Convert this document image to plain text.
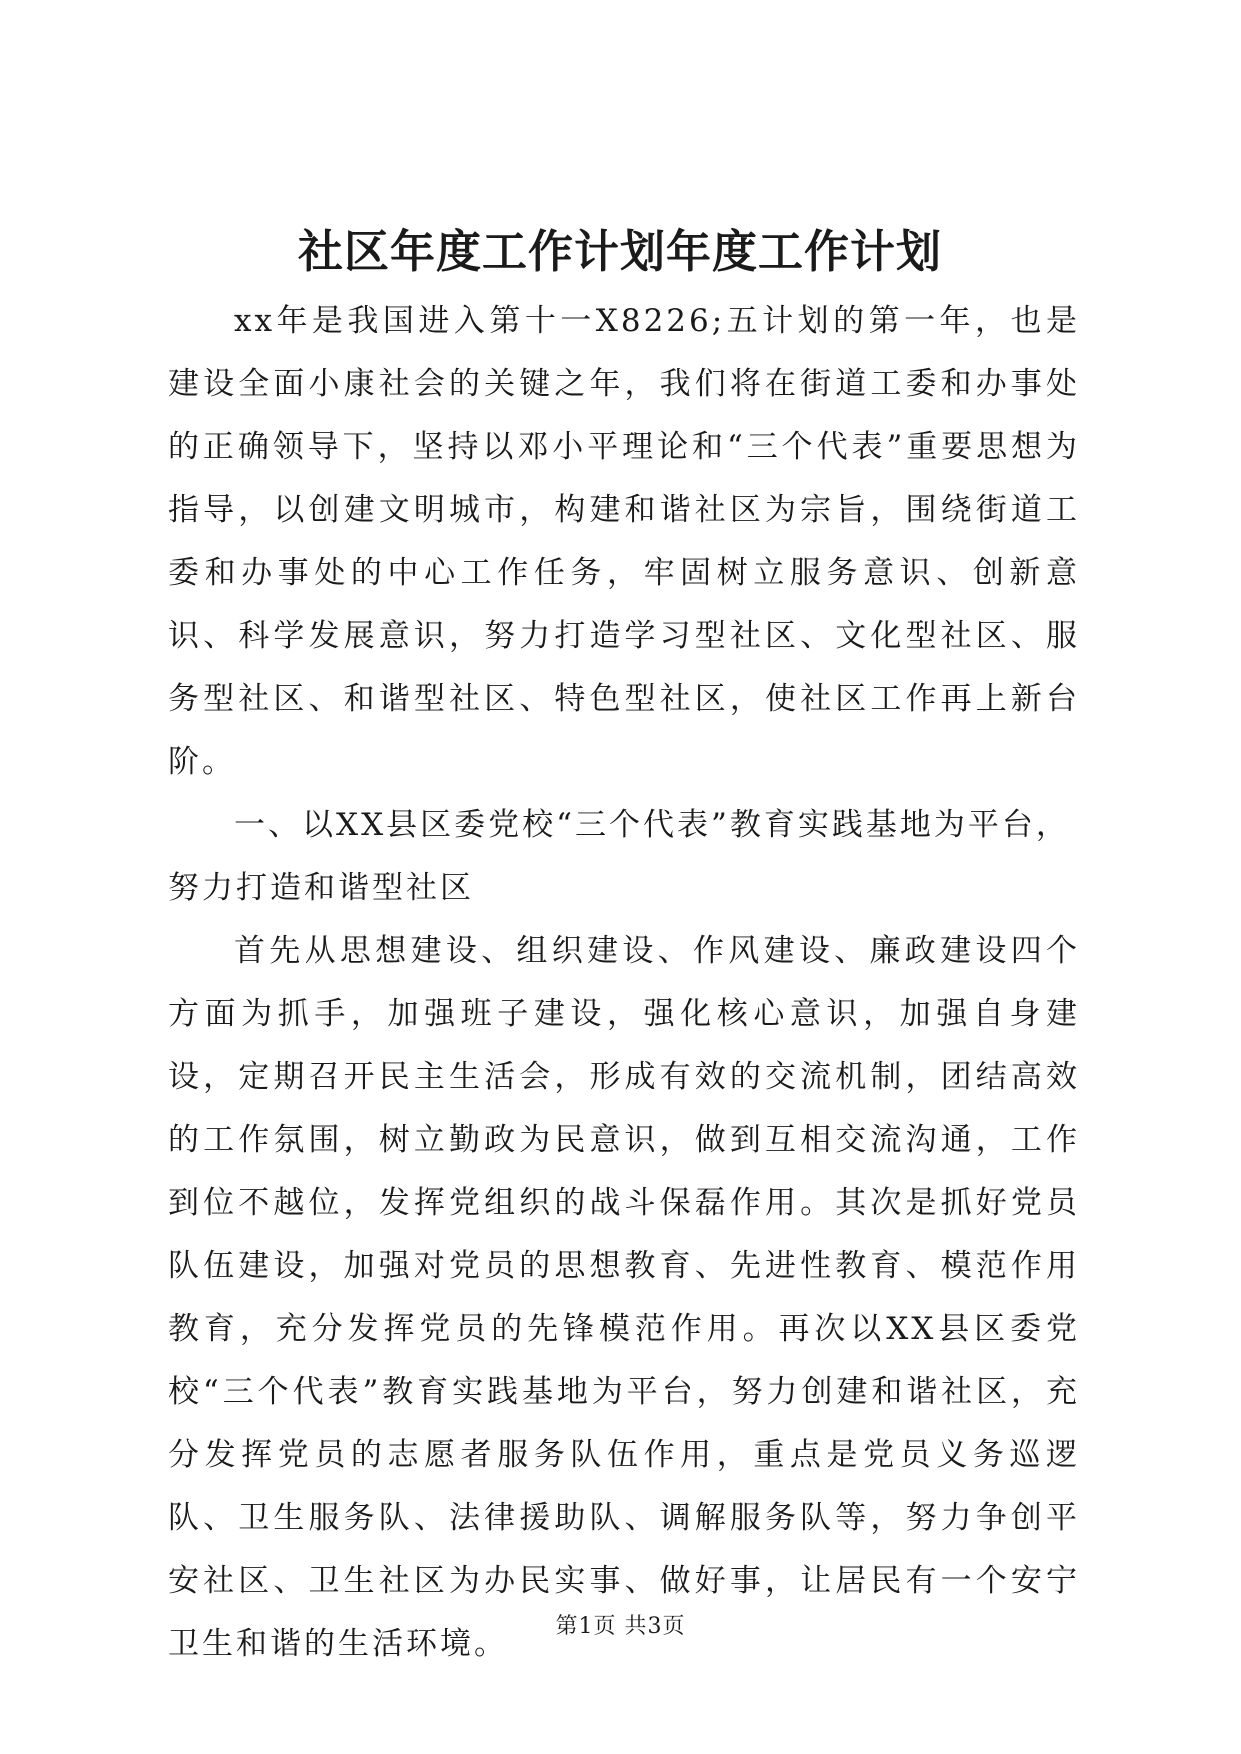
社区年度工作计划年度工作计划

xx年是我国进入第十一X8226;五计划的第一年，也是建设全面小康社会的关键之年，我们将在街道工委和办事处的正确领导下，坚持以邓小平理论和“三个代表”重要思想为指导，以创建文明城市，构建和谐社区为宗旨，围绕街道工委和办事处的中心工作任务，牢固树立服务意识、创新意识、科学发展意识，努力打造学习型社区、文化型社区、服务型社区、和谐型社区、特色型社区，使社区工作再上新台阶。

一、以XX县区委党校“三个代表”教育实践基地为平台，努力打造和谐型社区

首先从思想建设、组织建设、作风建设、廉政建设四个方面为抓手，加强班子建设，强化核心意识，加强自身建设，定期召开民主生活会，形成有效的交流机制，团结高效的工作氛围，树立勤政为民意识，做到互相交流沟通，工作到位不越位，发挥党组织的战斗保磊作用。其次是抓好党员队伍建设，加强对党员的思想教育、先进性教育、模范作用教育，充分发挥党员的先锋模范作用。再次以XX县区委党校“三个代表”教育实践基地为平台，努力创建和谐社区，充分发挥党员的志愿者服务队伍作用，重点是党员义务巡逻队、卫生服务队、法律援助队、调解服务队等，努力争创平安社区、卫生社区为办民实事、做好事，让居民有一个安宁卫生和谐的生活环境。	第1页 共3页
